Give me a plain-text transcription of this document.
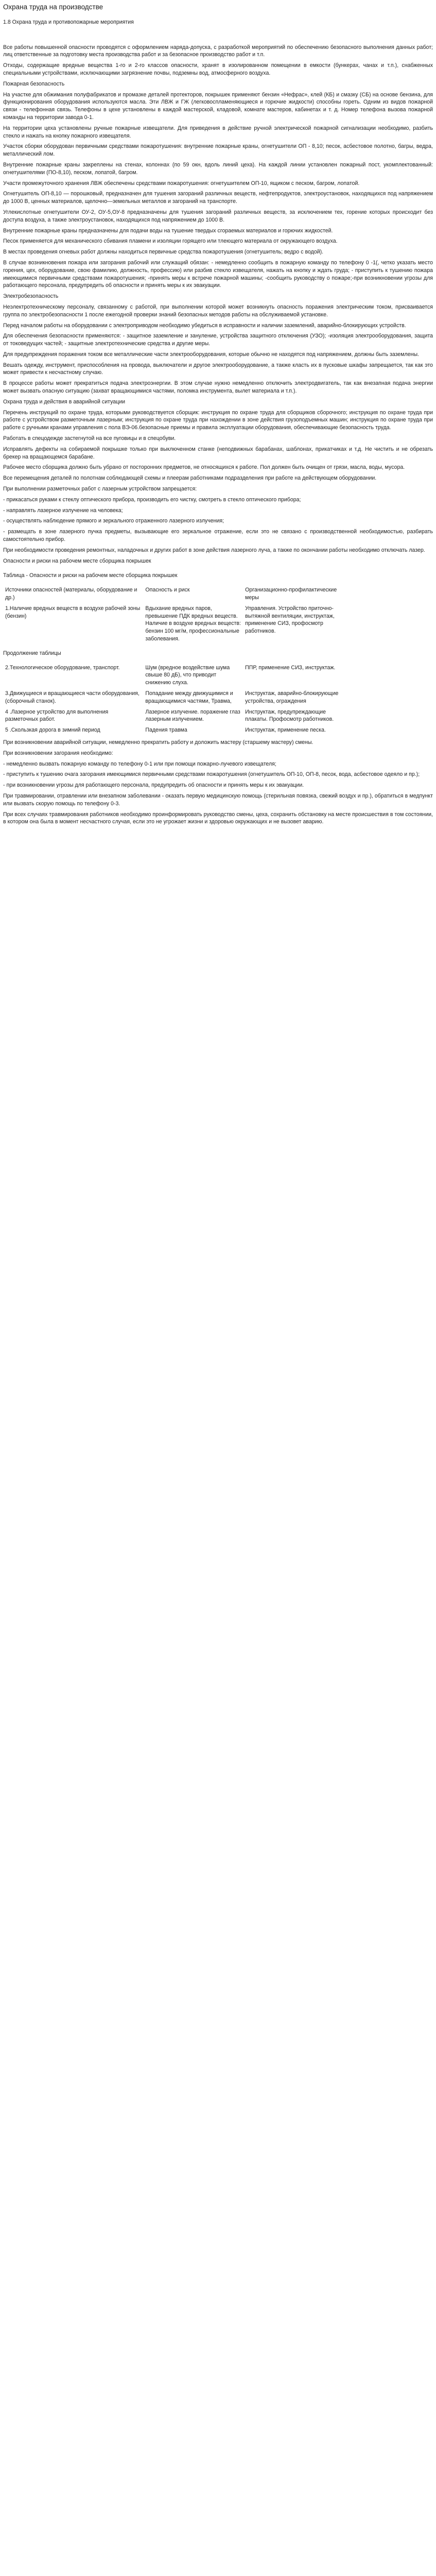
Охрана труда на производстве
1.8 Охрана труда и противопожарные мероприятия

Все работы повышенной опасности проводятся с оформлением наряда-допуска, с разработкой мероприятий по обеспечению безопасного выполнения данных работ; лиц ответственные за подготовку места производства работ и за безопасное производство работ и т.п.

Отходы, содержащие вредные вещества 1-го и 2-го классов опасности, хранят в изолированном помещении в емкости (бункерах, чанах и т.п.), снабженных специальными устройствами, исключающими загрязнение почвы, подземны вод, атмосферного воздуха.

Пожарная безопасность

На участке для обжимания полуфабрикатов и промазке деталей протекторов, покрышек применяют бензин «Нефрас», клей (КБ) и смазку (СБ) на основе бензина, для функционирования оборудования используются масла. Эти ЛВЖ и ГЖ (легковоспламеняющиеся и горючие жидкости) способны гореть. Одним из видов пожарной связи - телефонная связь. Телефоны в цехе установлены в каждой мастерской, кладовой, комнате мастеров, кабинетах и т. д. Номер телефона вызова пожарной команды на территории завода 0-1.

На территории цеха установлены ручные пожарные извещатели. Для приведения в действие ручной электрической пожарной сигнализации необходимо, разбить стекло и нажать на кнопку пожарного извещателя.

Участок сборки оборудован первичными средствами пожаротушения: внутренние пожарные краны, огнетушители ОП - 8,10; песок, асбестовое полотно, багры, ведра, металлический лом.

Внутренние пожарные краны закреплены на стенах, колоннах (по 59 окн, вдоль линий цеха). На каждой линии установлен пожарный пост, укомплектованный: огнетушителями (ПО-8,10), песком, лопатой, багром.

Участи промежуточного хранения ЛВЖ обеспечены средствами пожаротушения: огнетушителем ОП-10, ящиком с песком, багром, лопатой.

Огнетушитель ОП-8,10 — порошковый, предназначен для тушения загораний различных веществ, нефтепродуктов, электроустановок, находящихся под напряжением до 1000 В, ценных материалов, щелочно—земельных металлов и загораний на транспорте.

Углекислотные огнетушители ОУ-2, ОУ-5,ОУ-8 предназначены для тушения загораний различных веществ, за исключением тех, горение которых происходит без доступа воздуха, а также электроустановок, находящихся под напряжением до 1000 В.

Внутренние пожарные краны предназначены для подачи воды на тушение твердых сгораемых материалов и горючих жидкостей.

Песок применяется для механического сбивания пламени и изоляции горящего или тлеющего материала от окружающего воздуха.

В местах проведения огневых работ должны находиться первичные средства пожаротушения (огнетушитель; ведро с водой).

В случае возникновения пожара или загорания рабочий или служащий обязан: - немедленно сообщить в пожарную команду по телефону 0 -1(, четко указать место горения, цех, оборудование, свою фамилию, должность, профессию) или разбив стекло извещателя, нажать на кнопку и ждать груда; - приступить к тушению пожара имеющимися первичными средствами пожаротушения; -принять меры к встрече пожарной машины; -сообщить руководству о пожаре;-при возникновении угрозы для работающего персонала, предупредить об опасности и принять меры к их эвакуации.

Электробезопасность

Неэлектротехническому персоналу, связанному с работой, при выполнении которой может возникнуть опасность поражения электрическим током, присваивается группа по электробезопасности 1 после ежегодной проверки знаний безопасных методов работы на обслуживаемой установке.

Перед началом работы на оборудовании с электроприводом необходимо убедиться в исправности и наличии заземлений, аварийно-блокирующих устройств.

Для обеспечения безопасности применяются: - защитное заземление и зануление, устройства защитного отключения (УЗО); -изоляция электрооборудования, защита от токоведущих частей; - защитные электротехнические средства и другие меры.

Для предупреждения поражения током все металлические части электрооборудования, которые обычно не находятся под напряжением, должны быть заземлены.

Вешать одежду, инструмент, приспособления на провода, выключатели и другое электрооборудование, а также класть их в пусковые шкафы запрещается, так как это может привести к несчастному случаю.

В процессе работы может прекратиться подача электроэнергии. В этом случае нужно немедленно отключить электродвигатель, так как внезапная подача энергии может вызвать опасную ситуацию (захват вращающимися частями, поломка инструмента, вылет материала и т.п.).

Охрана труда и действия в аварийной ситуации

Перечень инструкций по охране труда, которыми руководствуется сборщик: инструкция по охране труда для сборщиков сборочного; инструкция по охране труда при работе с устройством разметочным лазерным; инструкция по охране труда при нахождении в зоне действия грузоподъемных машин; инструкция по охране труда при работе с ручными кранами управления с пола ВЭ-06.безопасные приемы и правила эксплуатации оборудования, обеспечивающие безопасность труда.

Работать в спецодежде застегнутой на все пуговицы и в спецобуви.

Исправлять дефекты на собираемой покрышке только при выключенном станке (неподвижных барабанах, шаблонах, прикатчиках и т.д. Не чистить и не обрезать брекер на вращающемся барабане.

Рабочее место сборщика должно быть убрано от посторонних предметов, не относящихся к работе. Пол должен быть очищен от грязи, масла, воды, мусора.

Все перемещения деталей по полотнам соблюдающей схемы и плеерам работниками подразделения при работе на действующем оборудовании.

При выполнении разметочных работ с лазерным устройством запрещается:

- прикасаться руками к стеклу оптического прибора, производить его чистку, смотреть в стекло оптического прибора;

- направлять лазерное излучение на человека;

- осуществлять наблюдение прямого и зеркального отраженного лазерного излучения;

- размещать в зоне лазерного пучка предметы, вызывающие его зеркальное отражение, если это не связано с производственной необходимостью, разбирать самостоятельно прибор.

При необходимости проведения ремонтных, наладочных и других работ в зоне действия лазерного луча, а также по окончании работы необходимо отключать лазер.

Опасности и риски на рабочем месте сборщика покрышек
Таблица - Опасности и риски на рабочем месте сборщика покрышек
Источники опасностей (материалы, оборудование и др.)	Опасность и риск	Организационно-профилактические меры
1.Наличие вредных веществ в воздухе рабочей зоны (бензин)	Вдыхание вредных паров, превышение ПДК вредных веществ. Наличие в воздухе вредных веществ: бензин 100 мг/м, профессиональные заболевания.	Управления. Устройство приточно-вытяжной вентиляции, инструктаж, применение СИЗ, профосмотр работников.
Продолжение таблицы
2.Технологическое оборудование, транспорт.	Шум (вредное воздействие шума свыше 80 дБ), что приводит снижению слуха.	ППР, применение СИЗ, инструктаж.
3.Движущиеся и вращающиеся части оборудования, (сборочный станок).	Попадание между движущимися и вращающимися частями, Травма,	Инструктаж, аварийно-блокирующие устройства, ограждения
4 .Лазерное устройство для выполнения разметочных работ.	Лазерное излучение. поражение глаз лазерным излучением.	Инструктаж, предупреждающие плакаты. Профосмотр работников.
5 .Скользкая дорога в зимний период	Падения травма	Инструктаж, применение песка.

При возникновении аварийной ситуации, немедленно прекратить работу и доложить мастеру (старшему мастеру) смены.

При возникновении загорания необходимо:

- немедленно вызвать пожарную команду по телефону 0-1 или при помощи пожарно-лучевого извещателя;

- приступить к тушению очага загорания имеющимися первичными средствами пожаротушения (огнетушитель ОП-10, ОП-8, песок, вода, асбестовое одеяло и пр.);

- при возникновении угрозы для работающего персонала, предупредить об опасности и принять меры к их эвакуации.

При травмировании, отравлении или внезапном заболевании - оказать первую медицинскую помощь (стерильная повязка, свежий воздух и пр.), обратиться в медпункт или вызвать скорую помощь по телефону 0-3.

При всех случаях травмирования работников необходимо проинформировать руководство смены, цеха, сохранить обстановку на месте происшествия в том состоянии, в котором она была в момент несчастного случая, если это не угрожает жизни и здоровью окружающих и не вызовет аварию.
